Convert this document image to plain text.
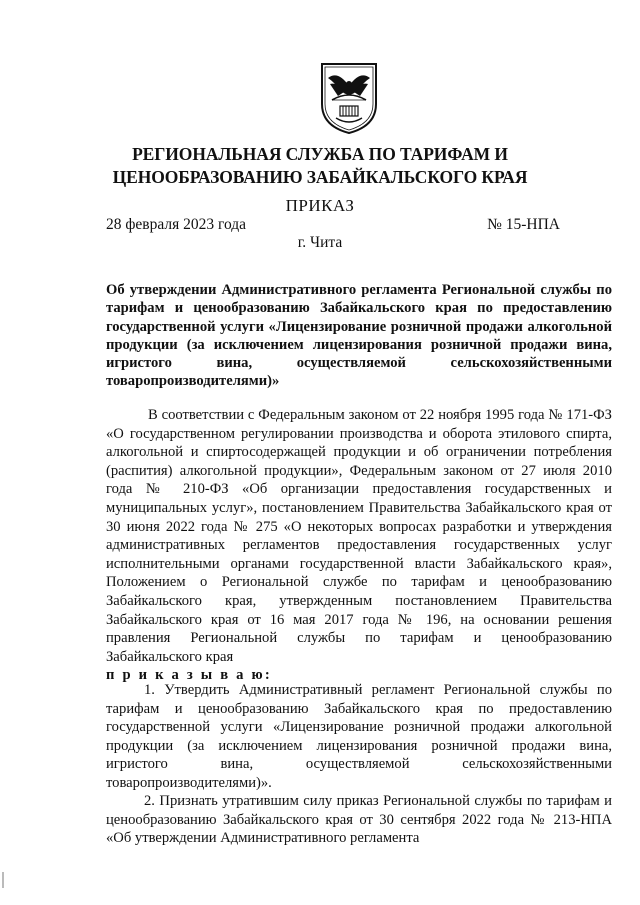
РЕГИОНАЛЬНАЯ СЛУЖБА ПО ТАРИФАМ И
ЦЕНООБРАЗОВАНИЮ ЗАБАЙКАЛЬСКОГО КРАЯ
ПРИКАЗ
28 февраля 2023 года	№ 15-НПА
г. Чита
Об утверждении Административного регламента Региональной службы по тарифам и ценообразованию Забайкальского края по предоставлению государственной услуги «Лицензирование розничной продажи алкогольной продукции (за исключением лицензирования розничной продажи вина, игристого вина, осуществляемой сельскохозяйственными товаропроизводителями)»
В соответствии с Федеральным законом от 22 ноября 1995 года № 171-ФЗ «О государственном регулировании производства и оборота этилового спирта, алкогольной и спиртосодержащей продукции и об ограничении потребления (распития) алкогольной продукции», Федеральным законом от 27 июля 2010 года № 210-ФЗ «Об организации предоставления государственных и муниципальных услуг», постановлением Правительства Забайкальского края от 30 июня 2022 года № 275 «О некоторых вопросах разработки и утверждения административных регламентов предоставления государственных услуг исполнительными органами государственной власти Забайкальского края», Положением о Региональной службе по тарифам и ценообразованию Забайкальского края, утвержденным постановлением Правительства Забайкальского края от 16 мая 2017 года № 196, на основании решения правления Региональной службы по тарифам и ценообразованию Забайкальского края
п р и к а з ы в а ю:
1. Утвердить Административный регламент Региональной службы по тарифам и ценообразованию Забайкальского края по предоставлению государственной услуги «Лицензирование розничной продажи алкогольной продукции (за исключением лицензирования розничной продажи вина, игристого вина, осуществляемой сельскохозяйственными товаропроизводителями)».
2. Признать утратившим силу приказ Региональной службы по тарифам и ценообразованию Забайкальского края от 30 сентября 2022 года № 213-НПА «Об утверждении Административного регламента
